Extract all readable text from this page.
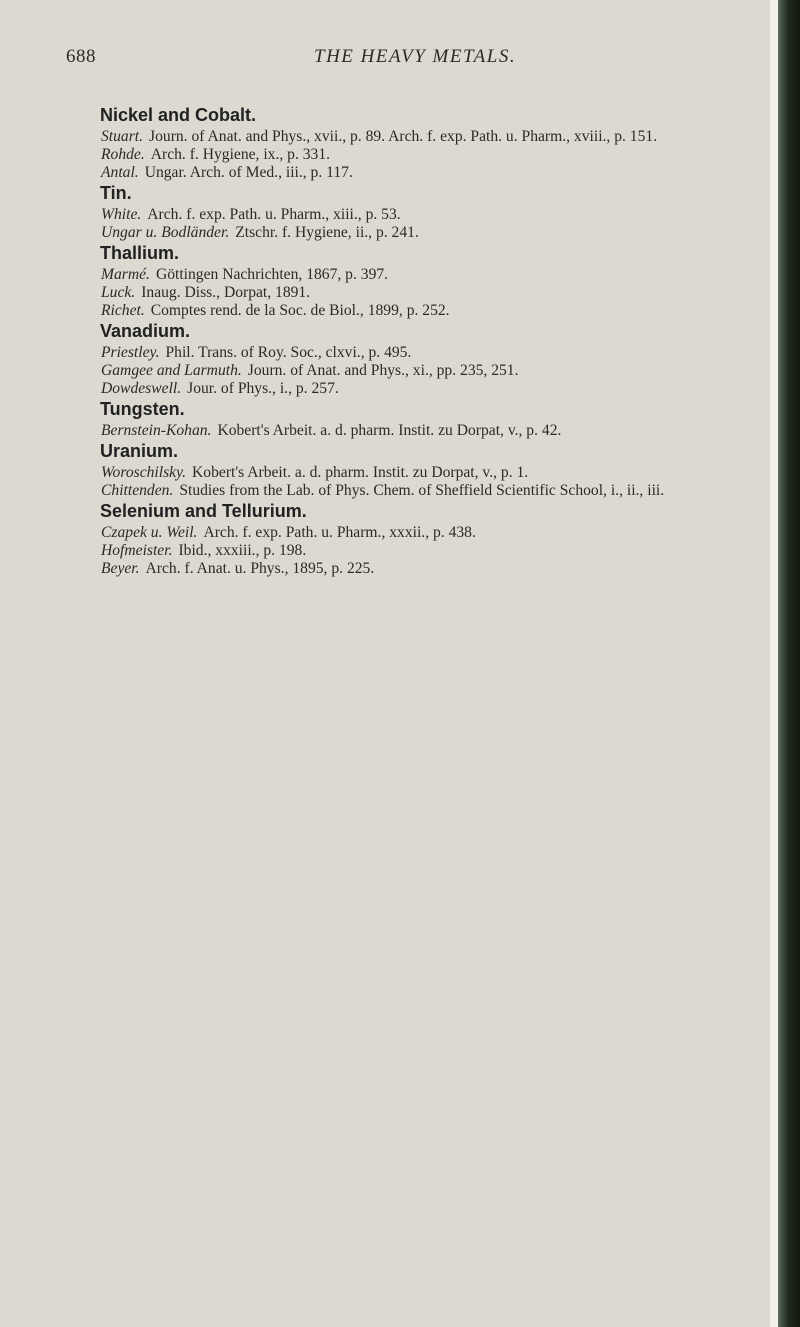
688	THE HEAVY METALS.
Nickel and Cobalt.
Stuart. Journ. of Anat. and Phys., xvii., p. 89. Arch. f. exp. Path. u. Pharm., xviii., p. 151.
Rohde. Arch. f. Hygiene, ix., p. 331.
Antal. Ungar. Arch. of Med., iii., p. 117.
Tin.
White. Arch. f. exp. Path. u. Pharm., xiii., p. 53.
Ungar u. Bodländer. Ztschr. f. Hygiene, ii., p. 241.
Thallium.
Marmé. Göttingen Nachrichten, 1867, p. 397.
Luck. Inaug. Diss., Dorpat, 1891.
Richet. Comptes rend. de la Soc. de Biol., 1899, p. 252.
Vanadium.
Priestley. Phil. Trans. of Roy. Soc., clxvi., p. 495.
Gamgee and Larmuth. Journ. of Anat. and Phys., xi., pp. 235, 251.
Dowdeswell. Jour. of Phys., i., p. 257.
Tungsten.
Bernstein-Kohan. Kobert's Arbeit. a. d. pharm. Instit. zu Dorpat, v., p. 42.
Uranium.
Woroschilsky. Kobert's Arbeit. a. d. pharm. Instit. zu Dorpat, v., p. 1.
Chittenden. Studies from the Lab. of Phys. Chem. of Sheffield Scientific School, i., ii., iii.
Selenium and Tellurium.
Czapek u. Weil. Arch. f. exp. Path. u. Pharm., xxxii., p. 438.
Hofmeister. Ibid., xxxiii., p. 198.
Beyer. Arch. f. Anat. u. Phys., 1895, p. 225.
